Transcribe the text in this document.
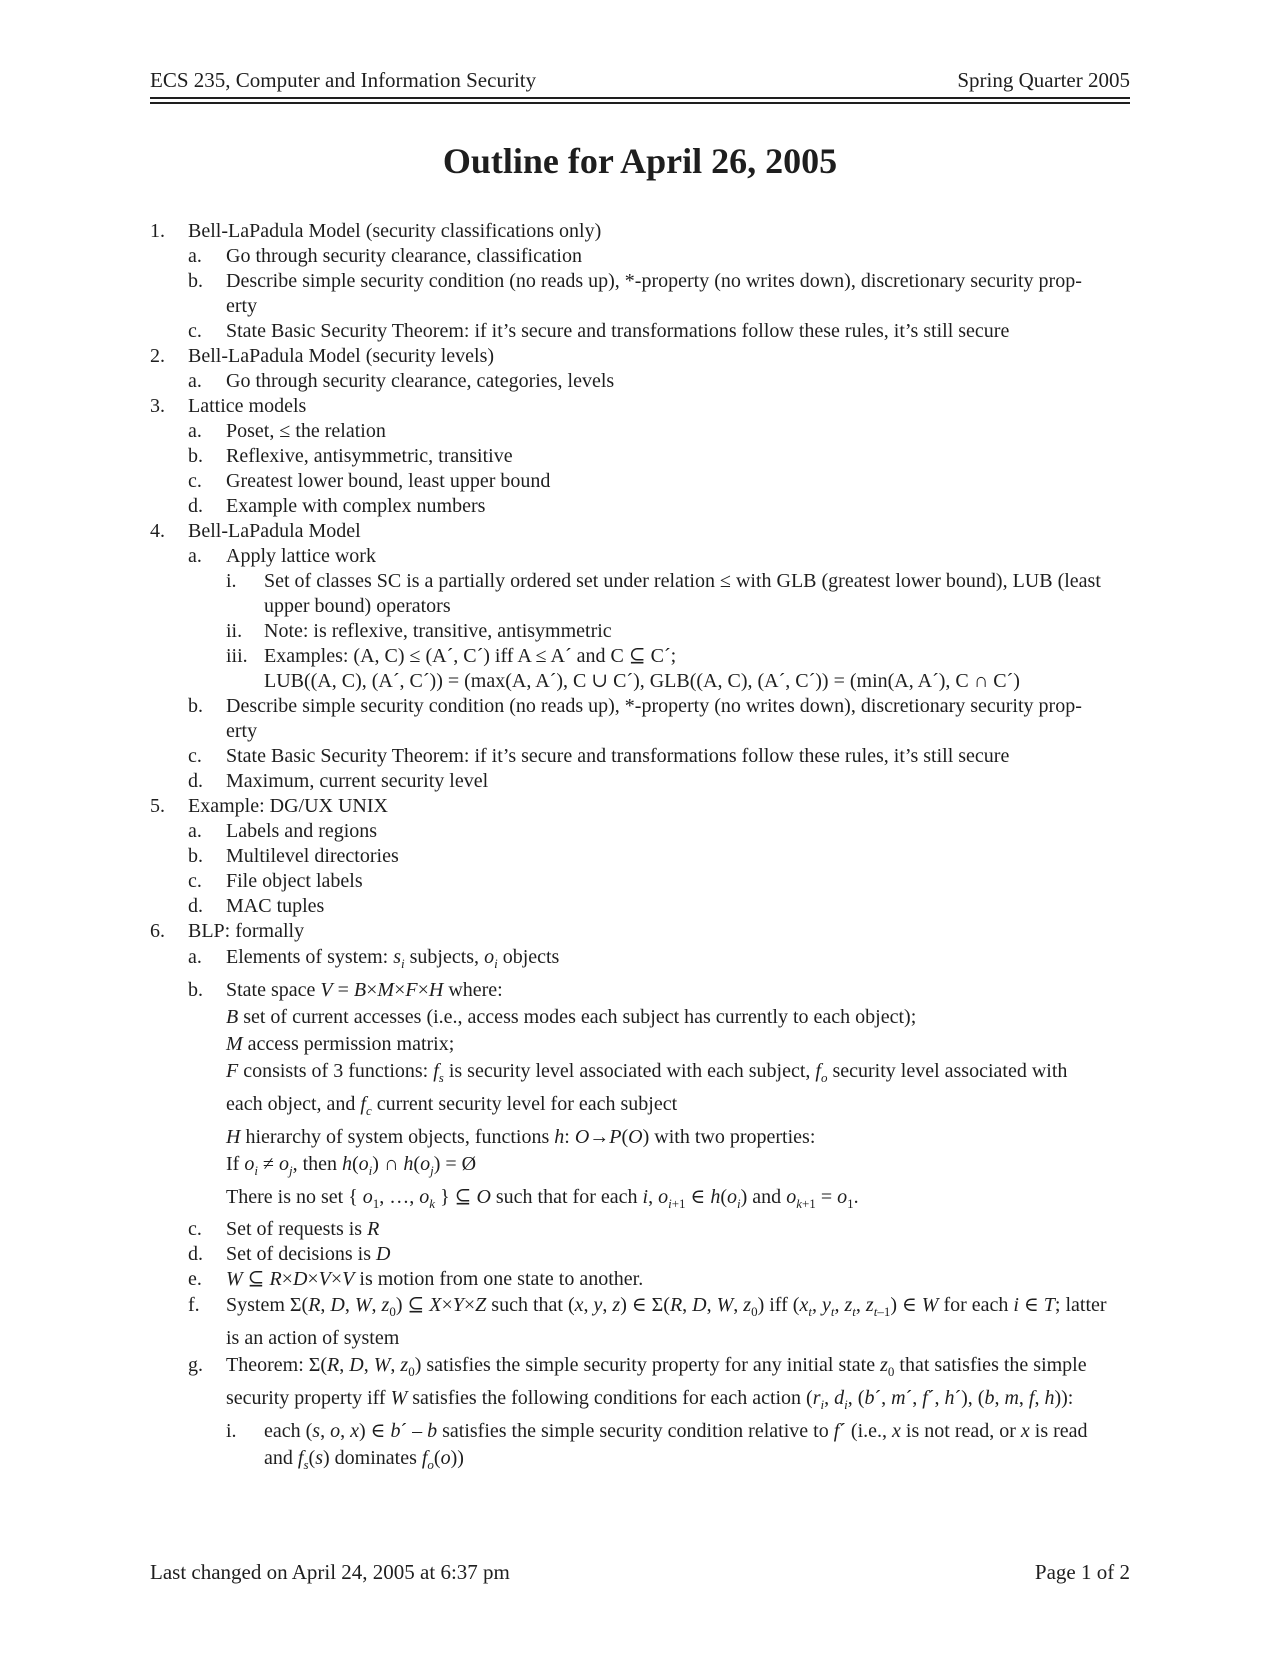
ECS 235, Computer and Information Security	Spring Quarter 2005
Outline for April 26, 2005
1. Bell-LaPadula Model (security classifications only)
a. Go through security clearance, classification
b. Describe simple security condition (no reads up), *-property (no writes down), discretionary security prop-
erty
c. State Basic Security Theorem: if it’s secure and transformations follow these rules, it’s still secure
2. Bell-LaPadula Model (security levels)
a. Go through security clearance, categories, levels
3. Lattice models
a. Poset, ≤ the relation
b. Reflexive, antisymmetric, transitive
c. Greatest lower bound, least upper bound
d. Example with complex numbers
4. Bell-LaPadula Model
a. Apply lattice work
i. Set of classes SC is a partially ordered set under relation ≤ with GLB (greatest lower bound), LUB (least
upper bound) operators
ii. Note: is reflexive, transitive, antisymmetric
iii. Examples: (A, C) ≤ (A´, C´) iff A ≤ A´ and C ⊆ C´;
LUB((A, C), (A´, C´)) = (max(A, A´), C ∪ C´), GLB((A, C), (A´, C´)) = (min(A, A´), C ∩ C´)
b. Describe simple security condition (no reads up), *-property (no writes down), discretionary security prop-
erty
c. State Basic Security Theorem: if it’s secure and transformations follow these rules, it’s still secure
d. Maximum, current security level
5. Example: DG/UX UNIX
a. Labels and regions
b. Multilevel directories
c. File object labels
d. MAC tuples
6. BLP: formally
a. Elements of system: $s_i$ subjects, $o_i$ objects
b. State space V = B×M×F×H where:
B set of current accesses (i.e., access modes each subject has currently to each object);
M access permission matrix;
F consists of 3 functions: $f_s$ is security level associated with each subject, $f_o$ security level associated with
each object, and $f_c$ current security level for each subject
H hierarchy of system objects, functions h: O→P(O) with two properties:
If $o_i \ne o_j$, then $h(o_i)$ ∩ $h(o_j)$ = Ø
There is no set { $o_1$, …, $o_k$ } ⊆ O such that for each i, $o_{i+1}$ ∈ $h(o_i)$ and $o_{k+1} = o_1$.
c. Set of requests is R
d. Set of decisions is D
e. W ⊆ R×D×V×V is motion from one state to another.
f. System Σ(R, D, W, $z_0$) ⊆ X×Y×Z such that (x, y, z) ∈ Σ(R, D, W, $z_0$) iff ($x_t$, $y_t$, $z_t$, $z_{t-1}$) ∈ W for each i ∈ T; latter
is an action of system
g. Theorem: Σ(R, D, W, $z_0$) satisfies the simple security property for any initial state $z_0$ that satisfies the simple
security property iff W satisfies the following conditions for each action ($r_i$, $d_i$, (b´, m´, f´, h´), (b, m, f, h)):
i. each (s, o, x) ∈ b´ – b satisfies the simple security condition relative to f´ (i.e., x is not read, or x is read
and $f_s(s)$ dominates $f_o(o)$)
Last changed on April 24, 2005 at 6:37 pm	Page 1 of 2
